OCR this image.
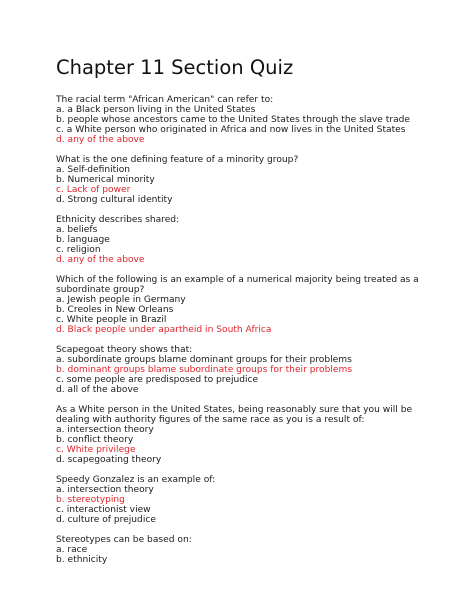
Chapter 11 Section Quiz
The racial term "African American" can refer to:
a. a Black person living in the United States
b. people whose ancestors came to the United States through the slave trade
c. a White person who originated in Africa and now lives in the United States
d. any of the above
What is the one defining feature of a minority group?
a. Self-definition
b. Numerical minority
c. Lack of power
d. Strong cultural identity
Ethnicity describes shared:
a. beliefs
b. language
c. religion
d. any of the above
Which of the following is an example of a numerical majority being treated as a
subordinate group?
a. Jewish people in Germany
b. Creoles in New Orleans
c. White people in Brazil
d. Black people under apartheid in South Africa
Scapegoat theory shows that:
a. subordinate groups blame dominant groups for their problems
b. dominant groups blame subordinate groups for their problems
c. some people are predisposed to prejudice
d. all of the above
As a White person in the United States, being reasonably sure that you will be
dealing with authority figures of the same race as you is a result of:
a. intersection theory
b. conflict theory
c. White privilege
d. scapegoating theory
Speedy Gonzalez is an example of:
a. intersection theory
b. stereotyping
c. interactionist view
d. culture of prejudice
Stereotypes can be based on:
a. race
b. ethnicity
